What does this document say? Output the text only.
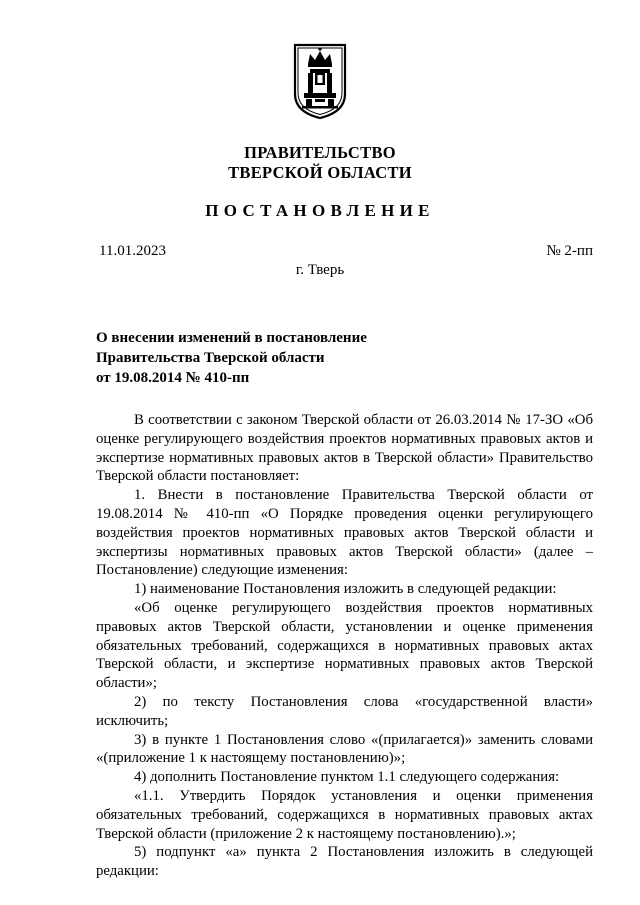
ПРАВИТЕЛЬСТВО
ТВЕРСКОЙ ОБЛАСТИ
ПОСТАНОВЛЕНИЕ
11.01.2023	№ 2-пп
г. Тверь
О внесении изменений в постановление
Правительства Тверской области
от 19.08.2014 № 410-пп

В соответствии с законом Тверской области от 26.03.2014 № 17-ЗО «Об оценке регулирующего воздействия проектов нормативных правовых актов и экспертизе нормативных правовых актов в Тверской области» Правительство Тверской области постановляет:

1. Внести в постановление Правительства Тверской области от 19.08.2014 № 410-пп «О Порядке проведения оценки регулирующего воздействия проектов нормативных правовых актов Тверской области и экспертизы нормативных правовых актов Тверской области» (далее – Постановление) следующие изменения:

1) наименование Постановления изложить в следующей редакции:

«Об оценке регулирующего воздействия проектов нормативных правовых актов Тверской области, установлении и оценке применения обязательных требований, содержащихся в нормативных правовых актах Тверской области, и экспертизе нормативных правовых актов Тверской области»;

2) по тексту Постановления слова «государственной власти» исключить;

3) в пункте 1 Постановления слово «(прилагается)» заменить словами «(приложение 1 к настоящему постановлению)»;

4) дополнить Постановление пунктом 1.1 следующего содержания:

«1.1. Утвердить Порядок установления и оценки применения обязательных требований, содержащихся в нормативных правовых актах Тверской области (приложение 2 к настоящему постановлению).»;

5) подпункт «а» пункта 2 Постановления изложить в следующей редакции:
